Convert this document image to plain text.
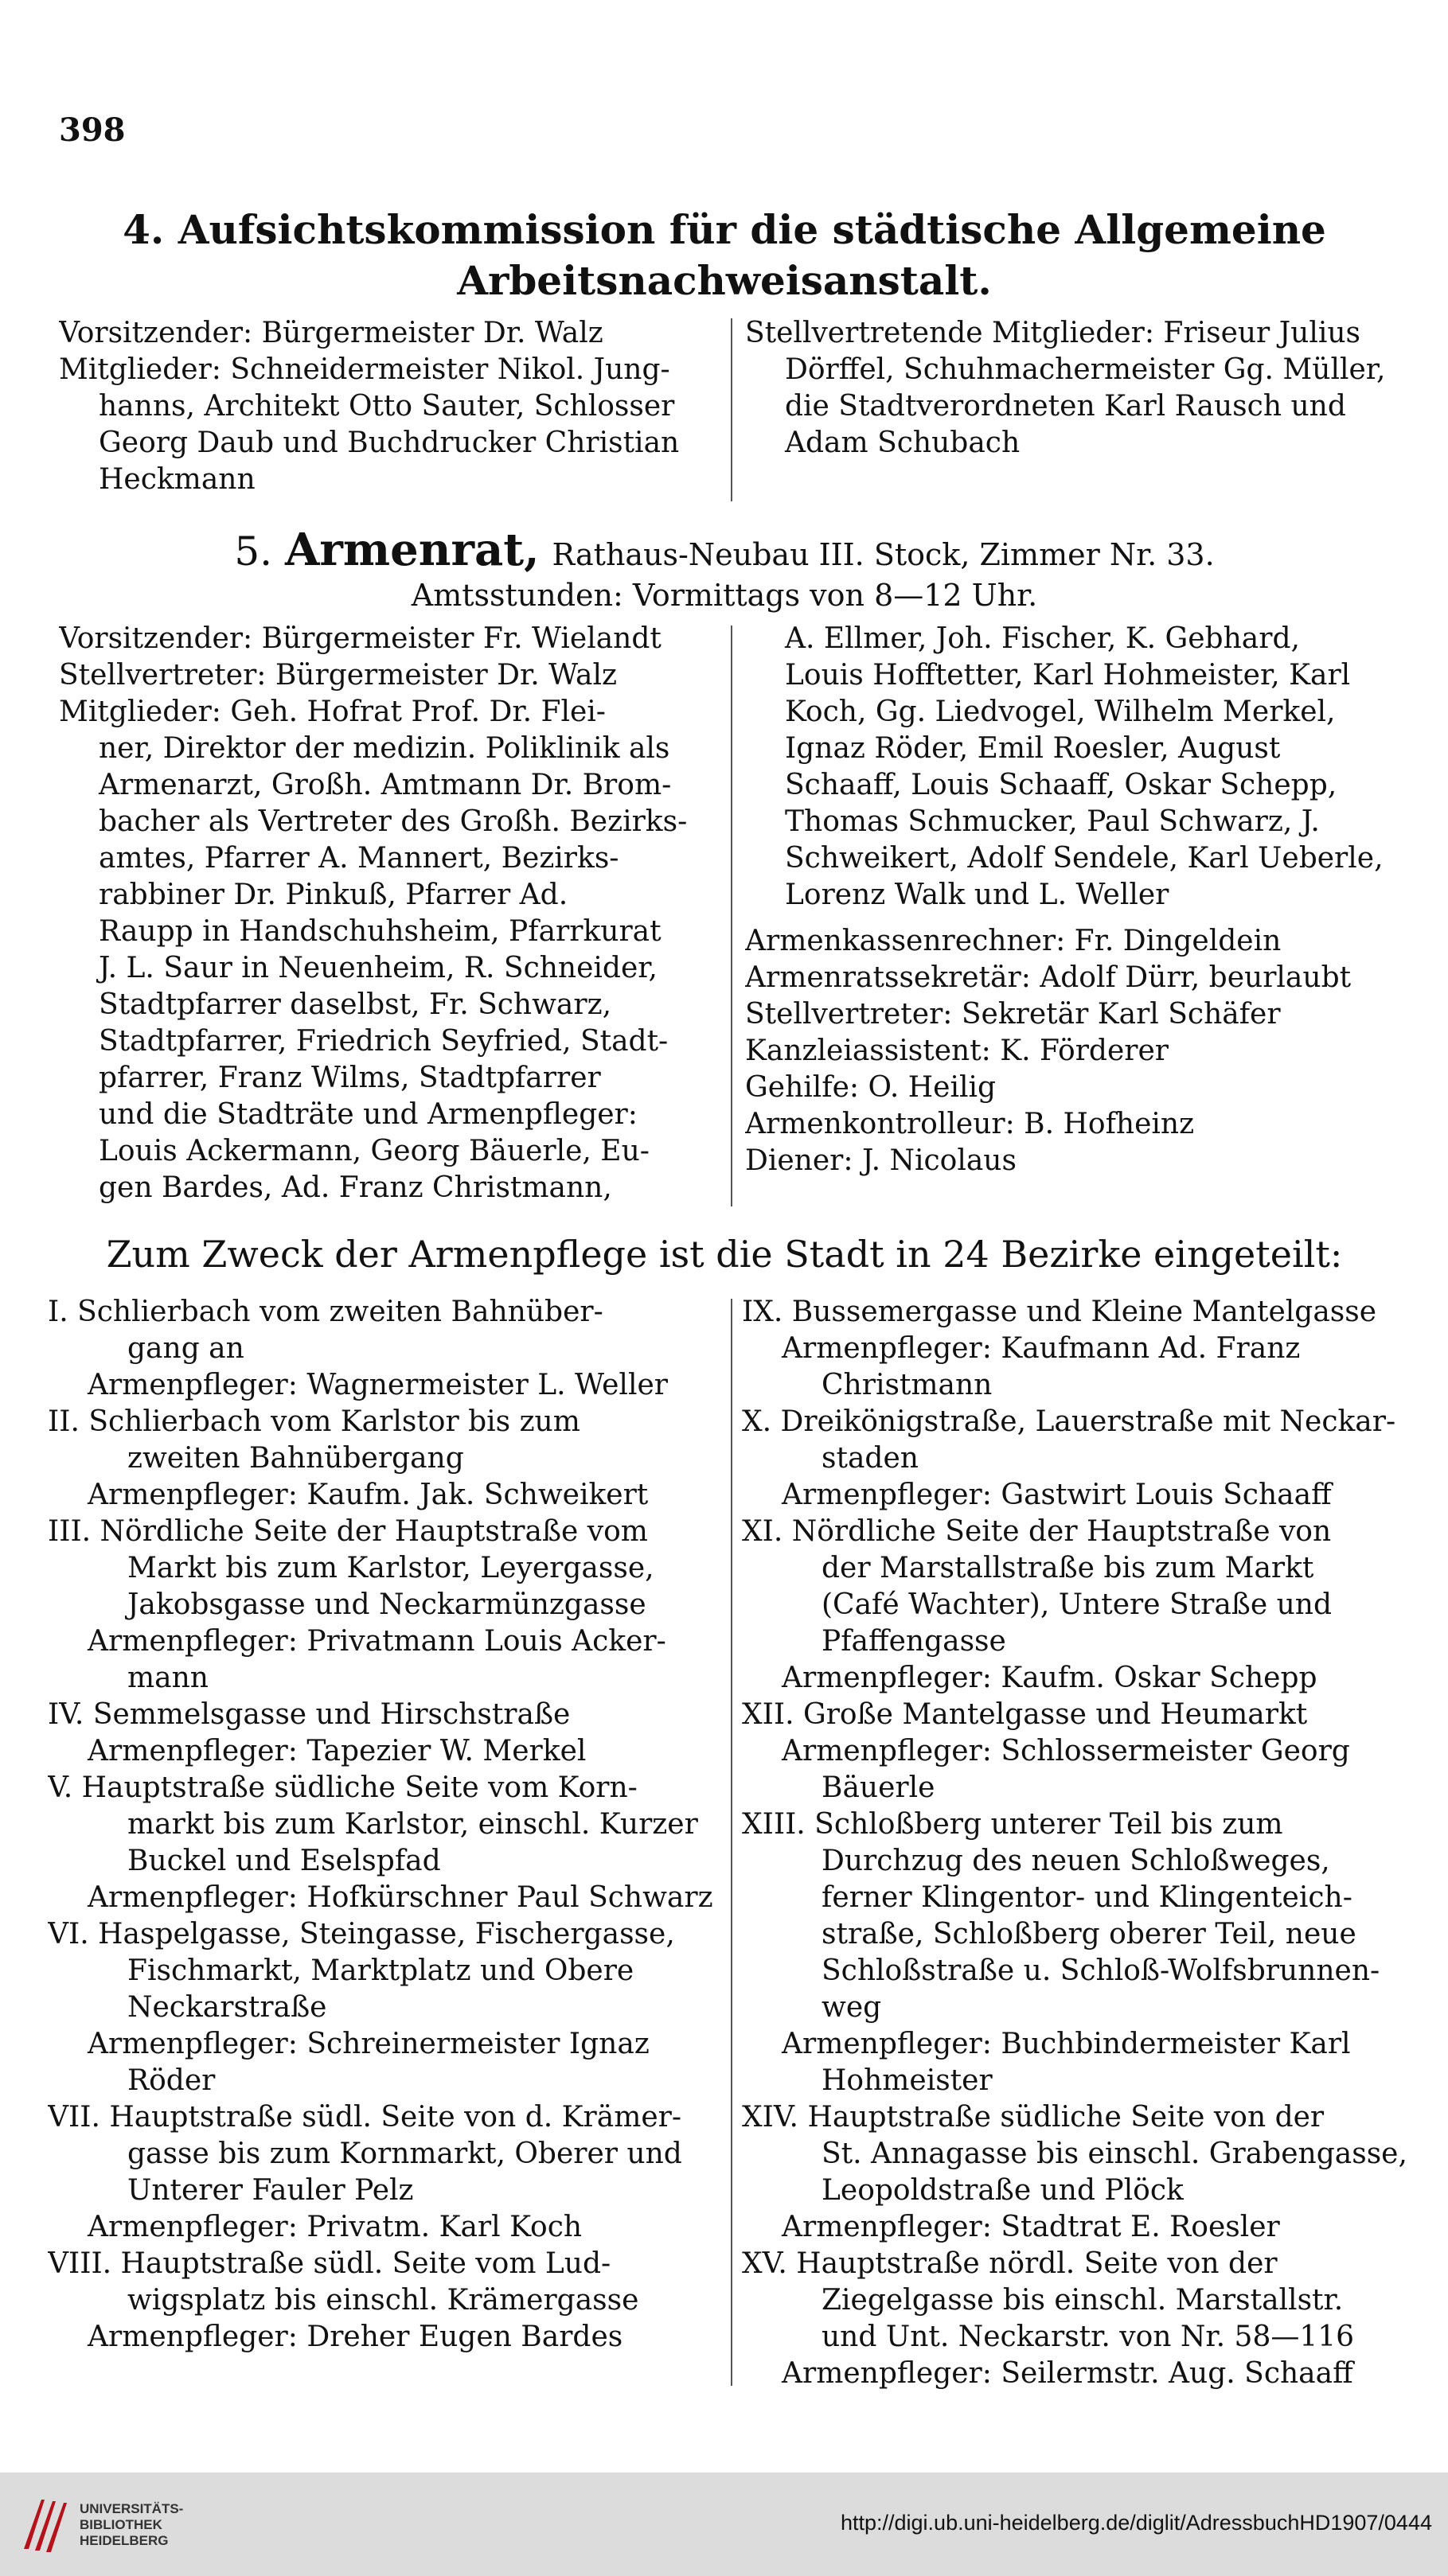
398
4. Aufsichtskommission für die städtische Allgemeine
Arbeitsnachweisanstalt.
Vorsitzender: Bürgermeister Dr. Walz
Mitglieder: Schneidermeister Nikol. Jung-
hanns, Architekt Otto Sauter, Schlosser
Georg Daub und Buchdrucker Christian
Heckmann
Stellvertretende Mitglieder: Friseur Julius
Dörffel, Schuhmachermeister Gg. Müller,
die Stadtverordneten Karl Rausch und
Adam Schubach
5. Armenrat, Rathaus-Neubau III. Stock, Zimmer Nr. 33.
Amtsstunden: Vormittags von 8—12 Uhr.
Vorsitzender: Bürgermeister Fr. Wielandt
Stellvertreter: Bürgermeister Dr. Walz
Mitglieder: Geh. Hofrat Prof. Dr. Flei-
ner, Direktor der medizin. Poliklinik als
Armenarzt, Großh. Amtmann Dr. Brom-
bacher als Vertreter des Großh. Bezirks-
amtes, Pfarrer A. Mannert, Bezirks-
rabbiner Dr. Pinkuß, Pfarrer Ad.
Raupp in Handschuhsheim, Pfarrkurat
J. L. Saur in Neuenheim, R. Schneider,
Stadtpfarrer daselbst, Fr. Schwarz,
Stadtpfarrer, Friedrich Seyfried, Stadt-
pfarrer, Franz Wilms, Stadtpfarrer
und die Stadträte und Armenpfleger:
Louis Ackermann, Georg Bäuerle, Eu-
gen Bardes, Ad. Franz Christmann,
A. Ellmer, Joh. Fischer, K. Gebhard,
Louis Hofftetter, Karl Hohmeister, Karl
Koch, Gg. Liedvogel, Wilhelm Merkel,
Ignaz Röder, Emil Roesler, August
Schaaff, Louis Schaaff, Oskar Schepp,
Thomas Schmucker, Paul Schwarz, J.
Schweikert, Adolf Sendele, Karl Ueberle,
Lorenz Walk und L. Weller
Armenkassenrechner: Fr. Dingeldein
Armenratssekretär: Adolf Dürr, beurlaubt
Stellvertreter: Sekretär Karl Schäfer
Kanzleiassistent: K. Förderer
Gehilfe: O. Heilig
Armenkontrolleur: B. Hofheinz
Diener: J. Nicolaus
Zum Zweck der Armenpflege ist die Stadt in 24 Bezirke eingeteilt:
I. Schlierbach vom zweiten Bahnüber-
gang an
Armenpfleger: Wagnermeister L. Weller
II. Schlierbach vom Karlstor bis zum
zweiten Bahnübergang
Armenpfleger: Kaufm. Jak. Schweikert
III. Nördliche Seite der Hauptstraße vom
Markt bis zum Karlstor, Leyergasse,
Jakobsgasse und Neckarmünzgasse
Armenpfleger: Privatmann Louis Acker-
mann
IV. Semmelsgasse und Hirschstraße
Armenpfleger: Tapezier W. Merkel
V. Hauptstraße südliche Seite vom Korn-
markt bis zum Karlstor, einschl. Kurzer
Buckel und Eselspfad
Armenpfleger: Hofkürschner Paul Schwarz
VI. Haspelgasse, Steingasse, Fischergasse,
Fischmarkt, Marktplatz und Obere
Neckarstraße
Armenpfleger: Schreinermeister Ignaz
Röder
VII. Hauptstraße südl. Seite von d. Krämer-
gasse bis zum Kornmarkt, Oberer und
Unterer Fauler Pelz
Armenpfleger: Privatm. Karl Koch
VIII. Hauptstraße südl. Seite vom Lud-
wigsplatz bis einschl. Krämergasse
Armenpfleger: Dreher Eugen Bardes
IX. Bussemergasse und Kleine Mantelgasse
Armenpfleger: Kaufmann Ad. Franz
Christmann
X. Dreikönigstraße, Lauerstraße mit Neckar-
staden
Armenpfleger: Gastwirt Louis Schaaff
XI. Nördliche Seite der Hauptstraße von
der Marstallstraße bis zum Markt
(Café Wachter), Untere Straße und
Pfaffengasse
Armenpfleger: Kaufm. Oskar Schepp
XII. Große Mantelgasse und Heumarkt
Armenpfleger: Schlossermeister Georg
Bäuerle
XIII. Schloßberg unterer Teil bis zum
Durchzug des neuen Schloßweges,
ferner Klingentor- und Klingenteich-
straße, Schloßberg oberer Teil, neue
Schloßstraße u. Schloß-Wolfsbrunnen-
weg
Armenpfleger: Buchbindermeister Karl
Hohmeister
XIV. Hauptstraße südliche Seite von der
St. Annagasse bis einschl. Grabengasse,
Leopoldstraße und Plöck
Armenpfleger: Stadtrat E. Roesler
XV. Hauptstraße nördl. Seite von der
Ziegelgasse bis einschl. Marstallstr.
und Unt. Neckarstr. von Nr. 58—116
Armenpfleger: Seilermstr. Aug. Schaaff
UNIVERSITÄTS-
BIBLIOTHEK
HEIDELBERG
http://digi.ub.uni-heidelberg.de/diglit/AdressbuchHD1907/0444
